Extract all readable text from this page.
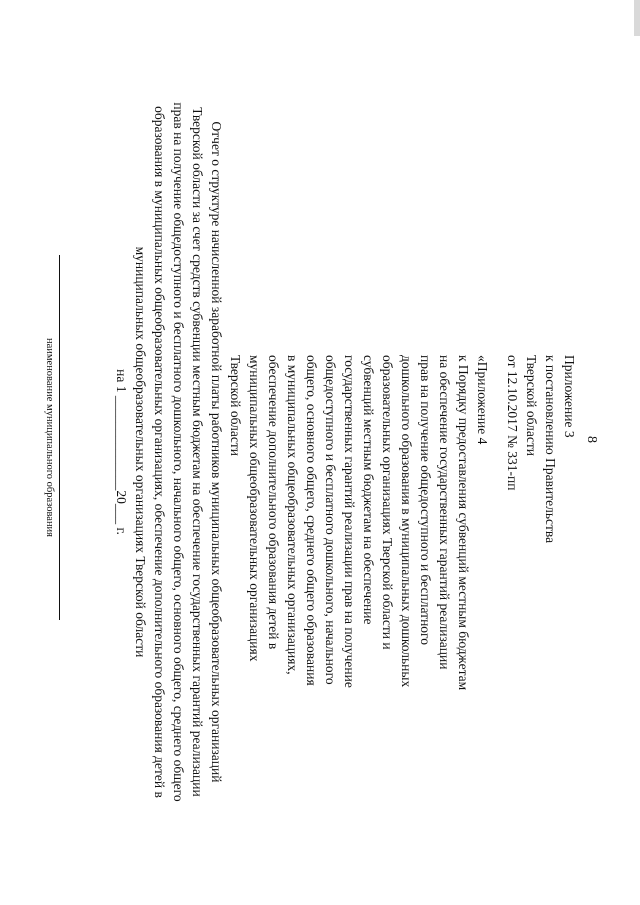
8
Приложение 3
к постановлению Правительства
Тверской области
от 12.10.2017 № 331-пп
«Приложение 4
к Порядку предоставления субвенций местным бюджетам
на обеспечение государственных гарантий реализации
прав на получение общедоступного и бесплатного
дошкольного образования в муниципальных дошкольных
образовательных организациях Тверской области и
субвенций местным бюджетам на обеспечение
государственных гарантий реализации прав на получение
общедоступного и бесплатного дошкольного, начального
общего, основного общего, среднего общего образования
в муниципальных общеобразовательных организациях,
обеспечение дополнительного образования детей в
муниципальных общеобразовательных организациях
Тверской области
Отчет о структуре начисленной заработной платы работников муниципальных общеобразовательных организаций
Тверской области за счет средств субвенции местным бюджетам на обеспечение государственных гарантий реализации
прав на получение общедоступного и бесплатного дошкольного, начального общего, основного общего, среднего общего
образования в муниципальных общеобразовательных организациях, обеспечение дополнительного образования детей в
муниципальных общеобразовательных организациях Тверской области
на 1 ______________20___ г.
наименование муниципального образования
